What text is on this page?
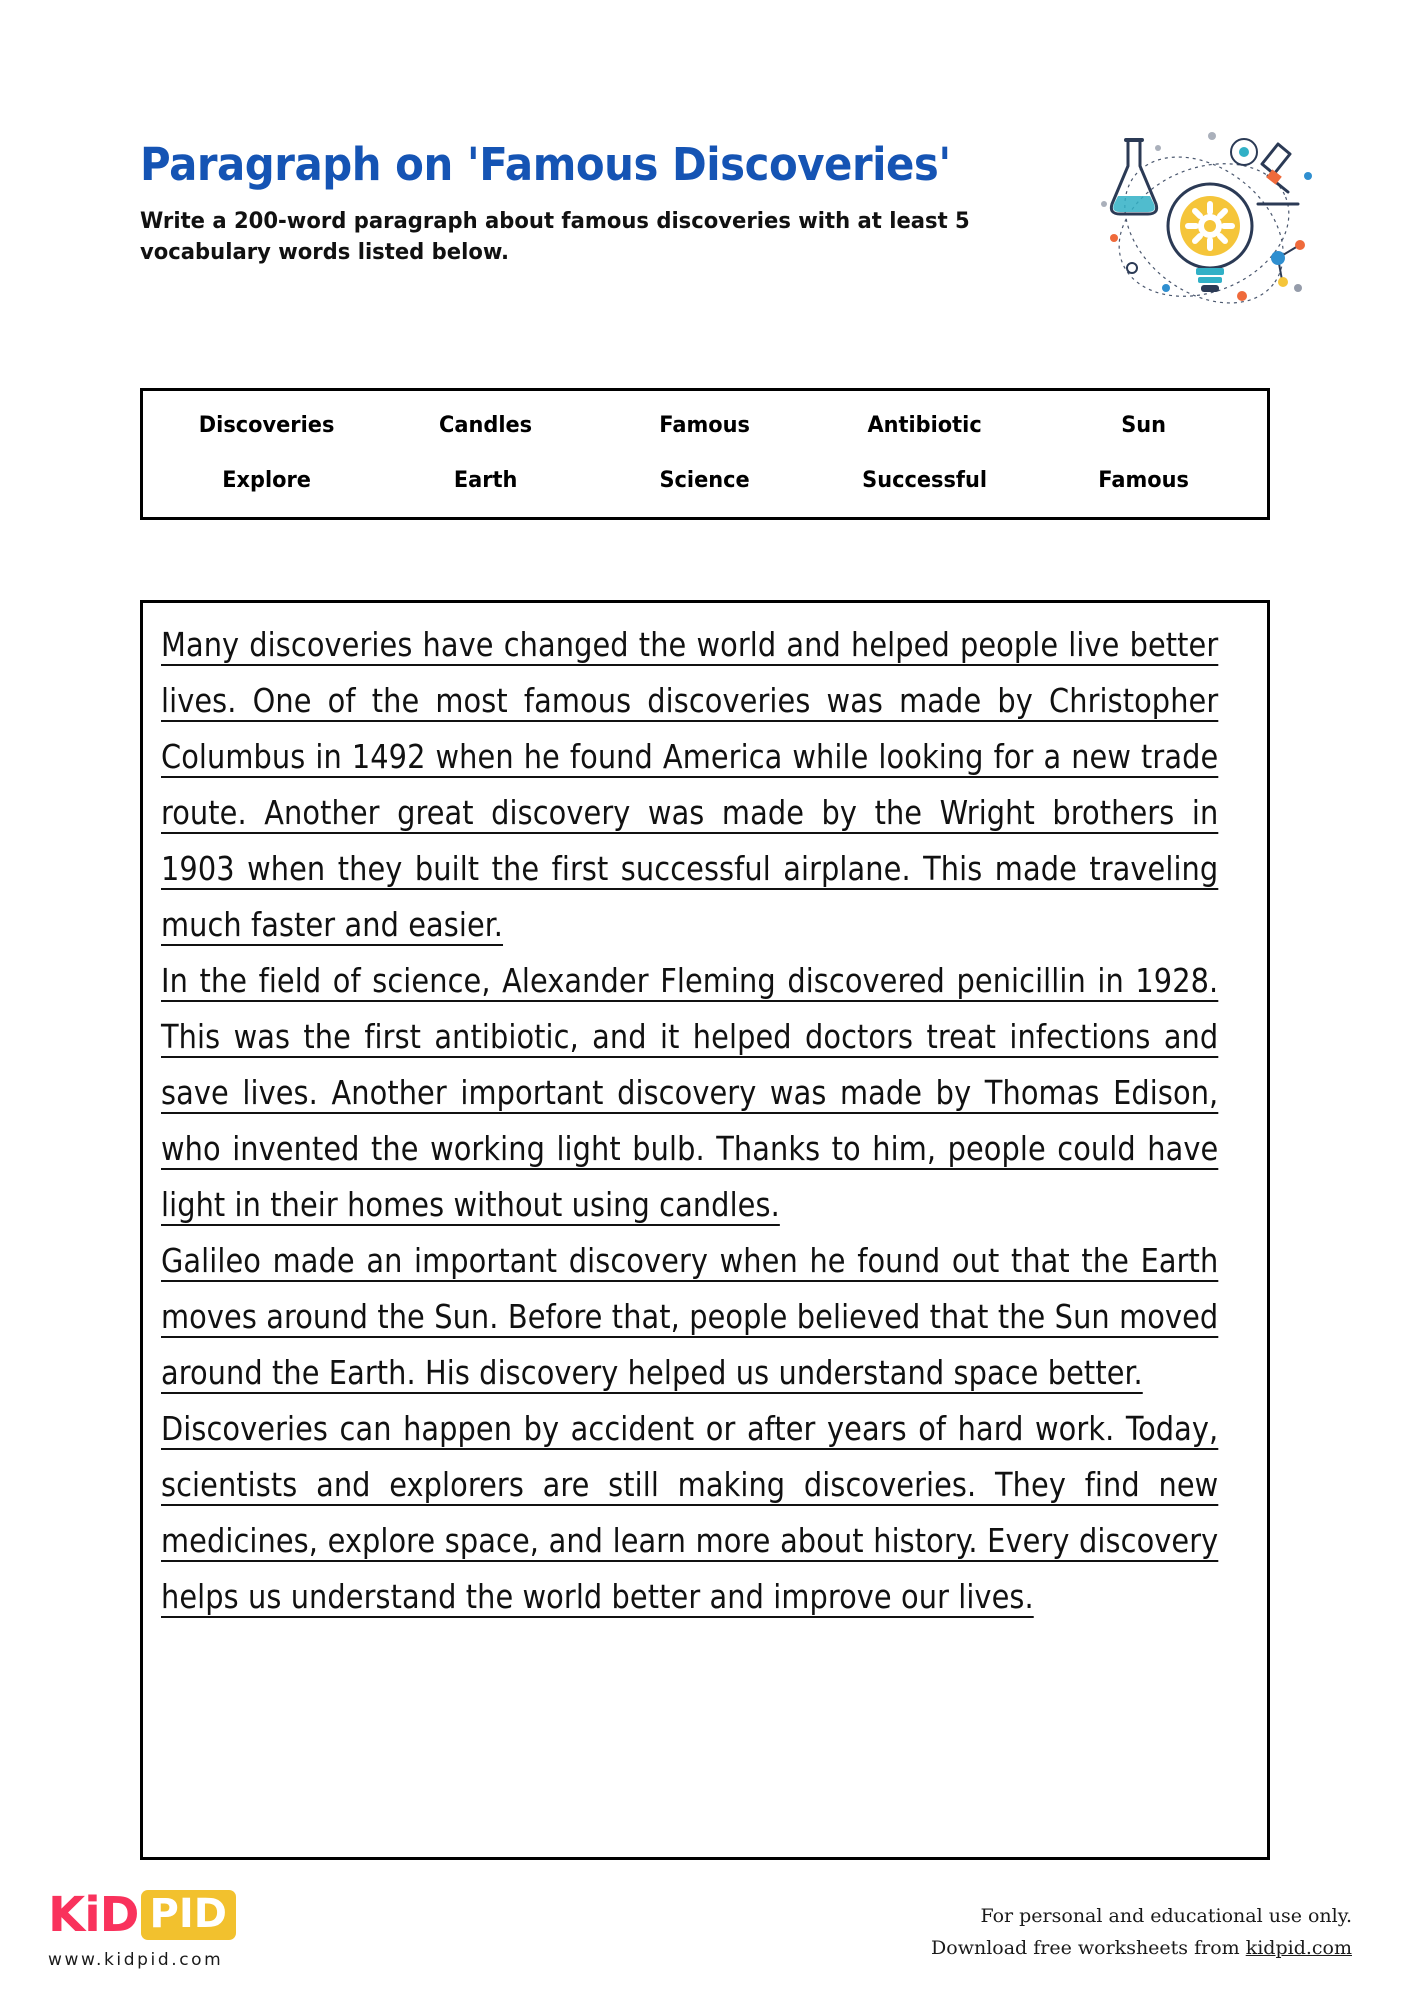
Paragraph on 'Famous Discoveries'

Write a 200-word paragraph about famous discoveries with at least 5 vocabulary words listed below.

Discoveries	Candles	Famous	Antibiotic	Sun
Explore	Earth	Science	Successful	Famous

Many discoveries have changed the world and helped people live better lives. One of the most famous discoveries was made by Christopher Columbus in 1492 when he found America while looking for a new trade route. Another great discovery was made by the Wright brothers in 1903 when they built the first successful airplane. This made traveling much faster and easier.

In the field of science, Alexander Fleming discovered penicillin in 1928. This was the first antibiotic, and it helped doctors treat infections and save lives. Another important discovery was made by Thomas Edison, who invented the working light bulb. Thanks to him, people could have light in their homes without using candles.

Galileo made an important discovery when he found out that the Earth moves around the Sun. Before that, people believed that the Sun moved around the Earth. His discovery helped us understand space better.

Discoveries can happen by accident or after years of hard work. Today, scientists and explorers are still making discoveries. They find new medicines, explore space, and learn more about history. Every discovery helps us understand the world better and improve our lives.

KiD PID
www.kidpid.com
For personal and educational use only.
Download free worksheets from kidpid.com
